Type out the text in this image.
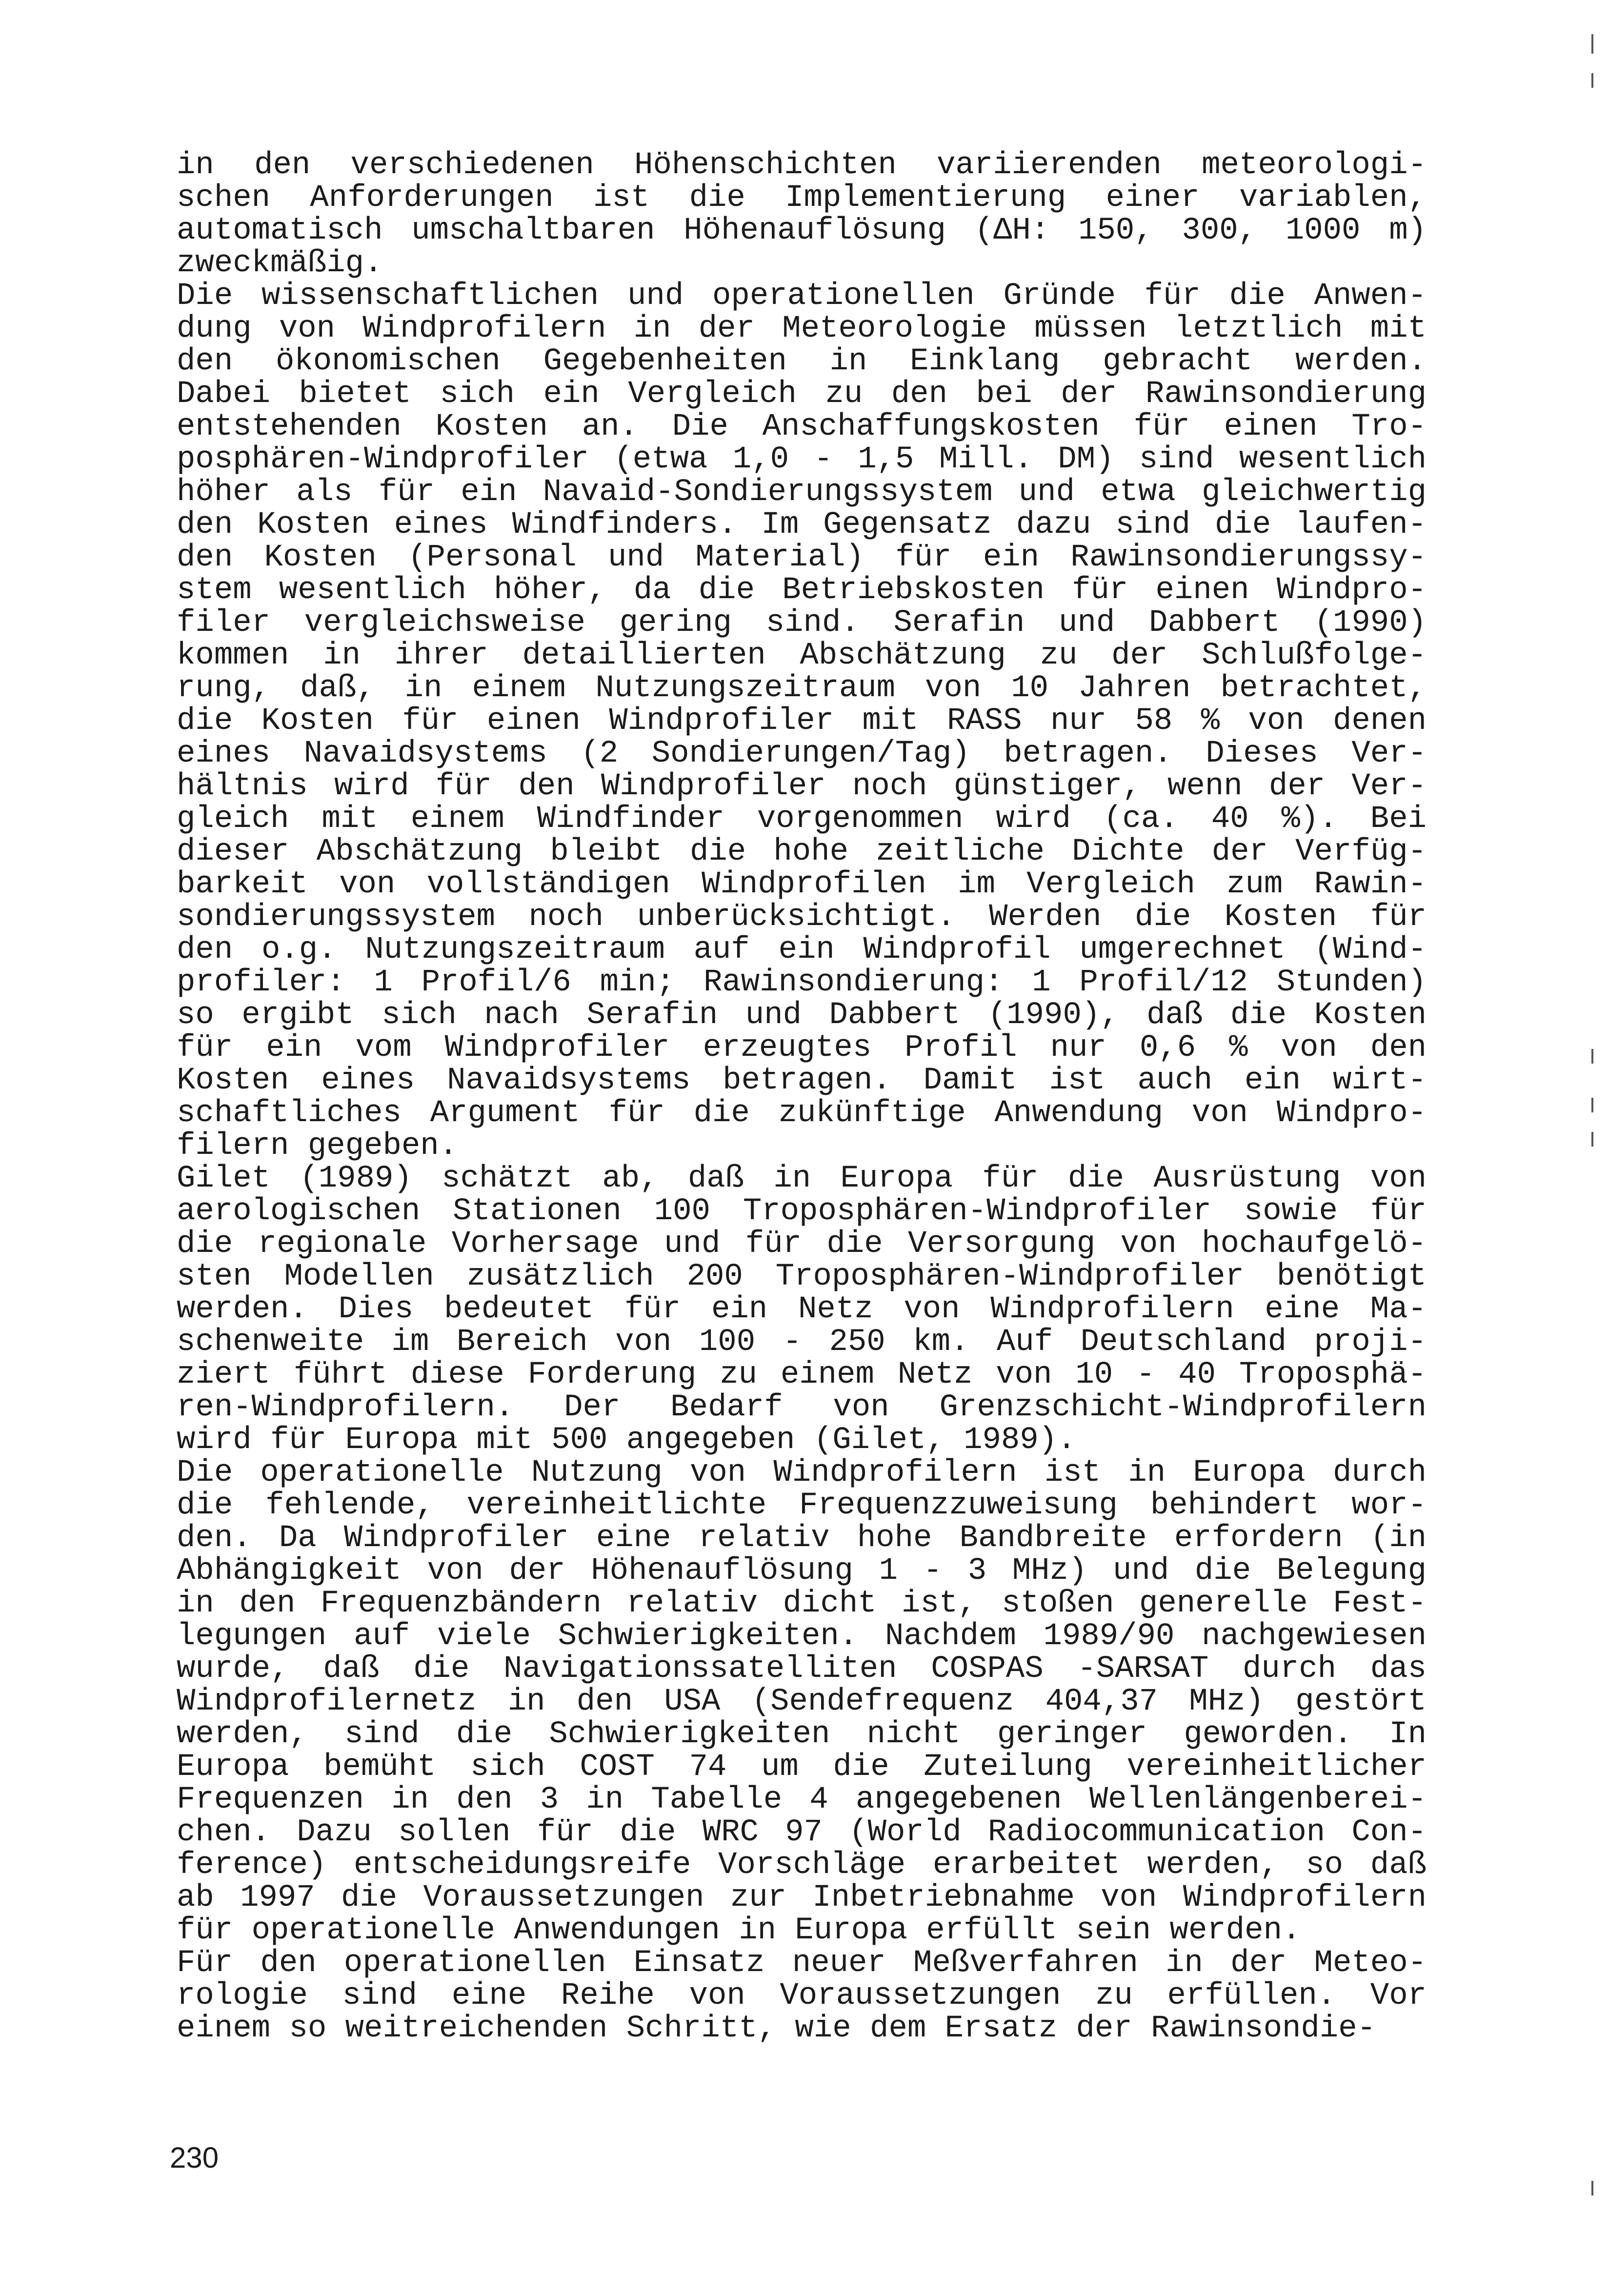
in den verschiedenen Höhenschichten variierenden meteorologi-
schen Anforderungen ist die Implementierung einer variablen,
automatisch umschaltbaren Höhenauflösung (ΔH: 150, 300, 1000 m)
zweckmäßig.
Die wissenschaftlichen und operationellen Gründe für die Anwen-
dung von Windprofilern in der Meteorologie müssen letztlich mit
den ökonomischen Gegebenheiten in Einklang gebracht werden.
Dabei bietet sich ein Vergleich zu den bei der Rawinsondierung
entstehenden Kosten an. Die Anschaffungskosten für einen Tro-
posphären-Windprofiler (etwa 1,0 - 1,5 Mill. DM) sind wesentlich
höher als für ein Navaid-Sondierungssystem und etwa gleichwertig
den Kosten eines Windfinders. Im Gegensatz dazu sind die laufen-
den Kosten (Personal und Material) für ein Rawinsondierungssy-
stem wesentlich höher, da die Betriebskosten für einen Windpro-
filer vergleichsweise gering sind. Serafin und Dabbert (1990)
kommen in ihrer detaillierten Abschätzung zu der Schlußfolge-
rung, daß, in einem Nutzungszeitraum von 10 Jahren betrachtet,
die Kosten für einen Windprofiler mit RASS nur 58 % von denen
eines Navaidsystems (2 Sondierungen/Tag) betragen. Dieses Ver-
hältnis wird für den Windprofiler noch günstiger, wenn der Ver-
gleich mit einem Windfinder vorgenommen wird (ca. 40 %). Bei
dieser Abschätzung bleibt die hohe zeitliche Dichte der Verfüg-
barkeit von vollständigen Windprofilen im Vergleich zum Rawin-
sondierungssystem noch unberücksichtigt. Werden die Kosten für
den o.g. Nutzungszeitraum auf ein Windprofil umgerechnet (Wind-
profiler: 1 Profil/6 min; Rawinsondierung: 1 Profil/12 Stunden)
so ergibt sich nach Serafin und Dabbert (1990), daß die Kosten
für ein vom Windprofiler erzeugtes Profil nur 0,6 % von den
Kosten eines Navaidsystems betragen. Damit ist auch ein wirt-
schaftliches Argument für die zukünftige Anwendung von Windpro-
filern gegeben.
Gilet (1989) schätzt ab, daß in Europa für die Ausrüstung von
aerologischen Stationen 100 Troposphären-Windprofiler sowie für
die regionale Vorhersage und für die Versorgung von hochaufgelö-
sten Modellen zusätzlich 200 Troposphären-Windprofiler benötigt
werden. Dies bedeutet für ein Netz von Windprofilern eine Ma-
schenweite im Bereich von 100 - 250 km. Auf Deutschland proji-
ziert führt diese Forderung zu einem Netz von 10 - 40 Troposphä-
ren-Windprofilern. Der Bedarf von Grenzschicht-Windprofilern
wird für Europa mit 500 angegeben (Gilet, 1989).
Die operationelle Nutzung von Windprofilern ist in Europa durch
die fehlende, vereinheitlichte Frequenzzuweisung behindert wor-
den. Da Windprofiler eine relativ hohe Bandbreite erfordern (in
Abhängigkeit von der Höhenauflösung 1 - 3 MHz) und die Belegung
in den Frequenzbändern relativ dicht ist, stoßen generelle Fest-
legungen auf viele Schwierigkeiten. Nachdem 1989/90 nachgewiesen
wurde, daß die Navigationssatelliten COSPAS -SARSAT durch das
Windprofilernetz in den USA (Sendefrequenz 404,37 MHz) gestört
werden, sind die Schwierigkeiten nicht geringer geworden. In
Europa bemüht sich COST 74 um die Zuteilung vereinheitlicher
Frequenzen in den 3 in Tabelle 4 angegebenen Wellenlängenberei-
chen. Dazu sollen für die WRC 97 (World Radiocommunication Con-
ference) entscheidungsreife Vorschläge erarbeitet werden, so daß
ab 1997 die Voraussetzungen zur Inbetriebnahme von Windprofilern
für operationelle Anwendungen in Europa erfüllt sein werden.
Für den operationellen Einsatz neuer Meßverfahren in der Meteo-
rologie sind eine Reihe von Voraussetzungen zu erfüllen. Vor
einem so weitreichenden Schritt, wie dem Ersatz der Rawinsondie-
230
